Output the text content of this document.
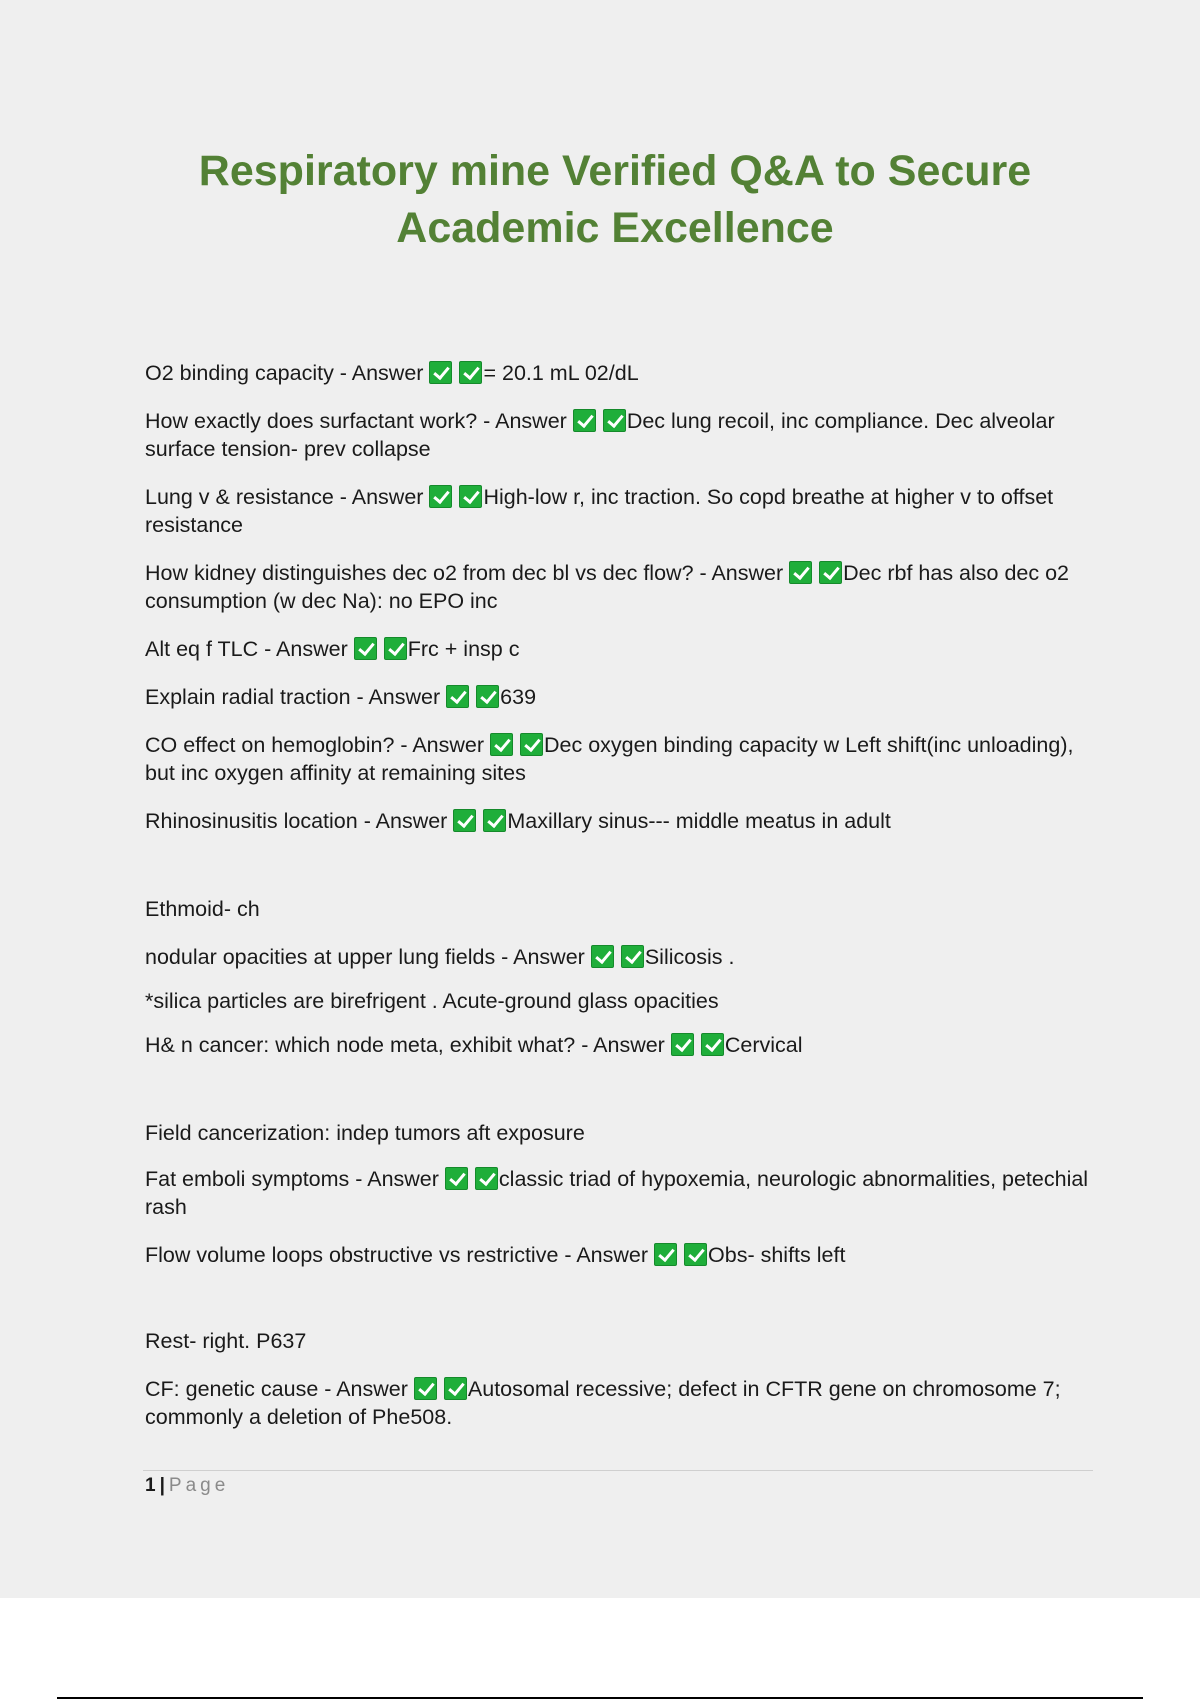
Respiratory mine Verified Q&A to Secure Academic Excellence

O2 binding capacity - Answer	= 20.1 mL 02/dL

How exactly does surfactant work? - Answer	Dec lung recoil, inc compliance. Dec alveolar surface tension- prev collapse

Lung v & resistance - Answer	High-low r, inc traction. So copd breathe at higher v to offset resistance

How kidney distinguishes dec o2 from dec bl vs dec flow? - Answer	Dec rbf has also dec o2 consumption (w dec Na): no EPO inc

Alt eq f TLC - Answer	Frc + insp c

Explain radial traction - Answer	639

CO effect on hemoglobin? - Answer	Dec oxygen binding capacity w Left shift(inc unloading), but inc oxygen affinity at remaining sites

Rhinosinusitis location - Answer	Maxillary sinus--- middle meatus in adult

Ethmoid- ch

nodular opacities at upper lung fields - Answer	Silicosis .

*silica particles are birefrigent . Acute-ground glass opacities

H& n cancer: which node meta, exhibit what? - Answer	Cervical

Field cancerization: indep tumors aft exposure

Fat emboli symptoms - Answer	classic triad of hypoxemia, neurologic abnormalities, petechial rash

Flow volume loops obstructive vs restrictive - Answer	Obs- shifts left

Rest- right. P637

CF: genetic cause - Answer	Autosomal recessive; defect in CFTR gene on chromosome 7; commonly a deletion of Phe508.

1 | Page
